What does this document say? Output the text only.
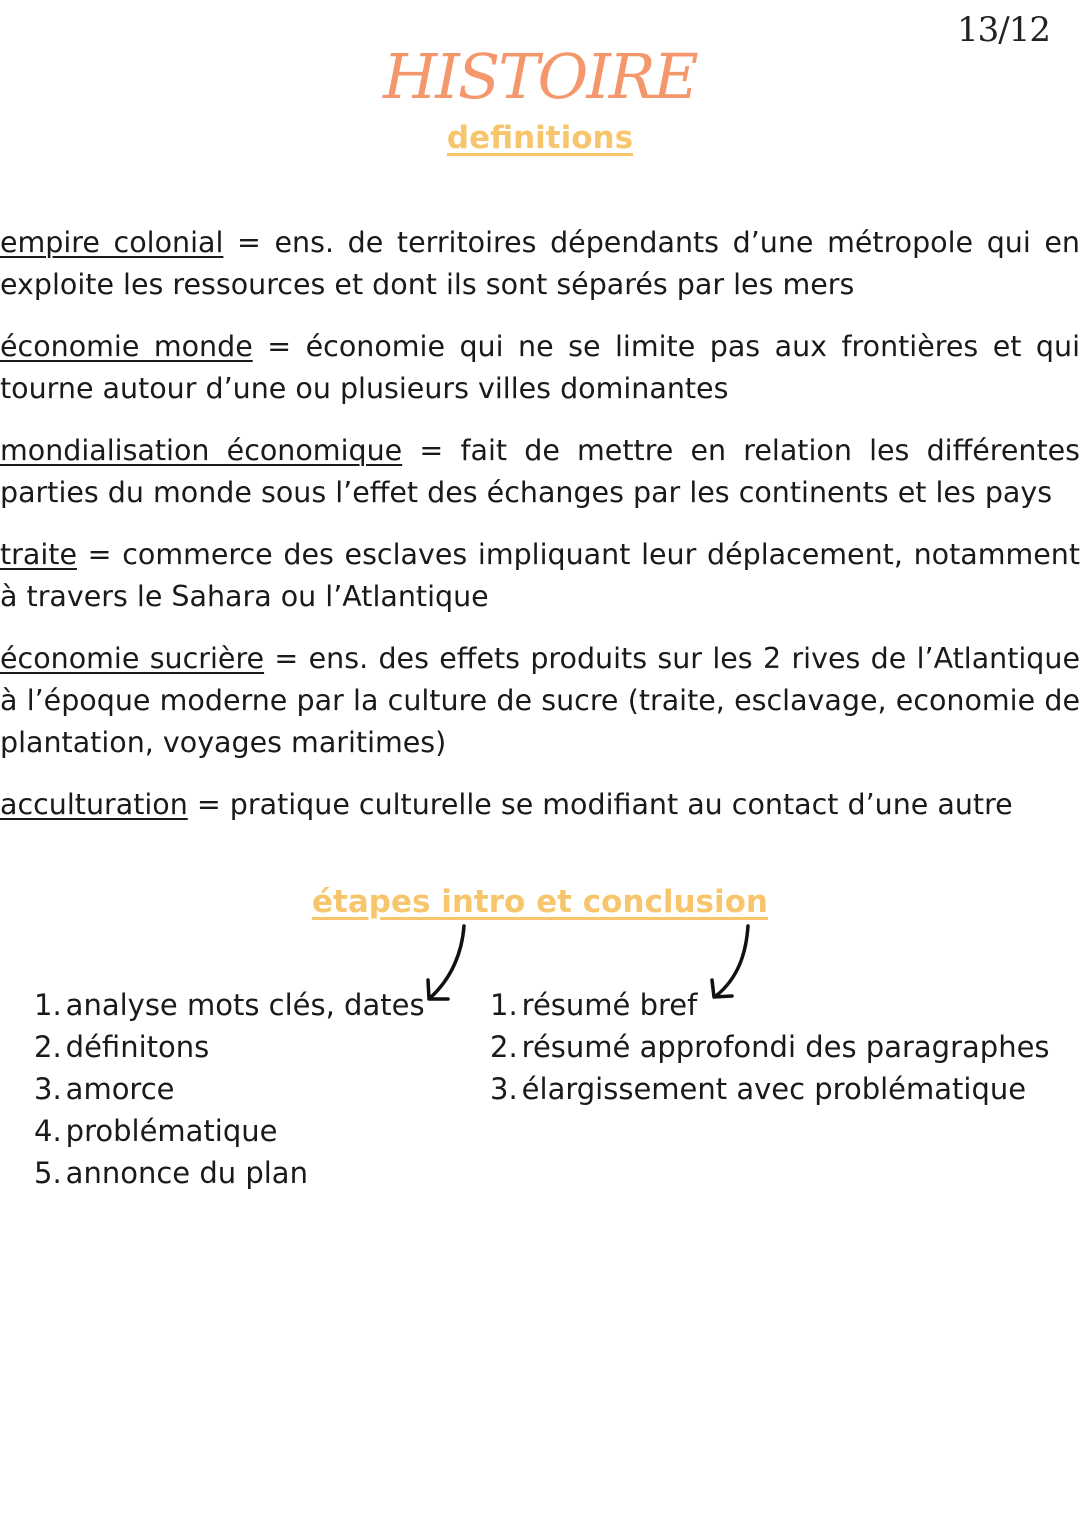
13/12
HISTOIRE
definitions

empire colonial = ens. de territoires dépendants d’une métropole qui en exploite les ressources et dont ils sont séparés par les mers

économie monde = économie qui ne se limite pas aux frontières et qui tourne autour d’une ou plusieurs villes dominantes

mondialisation économique = fait de mettre en relation les différentes parties du monde sous l’effet des échanges par les continents et les pays

traite = commerce des esclaves impliquant leur déplacement, notamment à travers le Sahara ou l’Atlantique

économie sucrière = ens. des effets produits sur les 2 rives de l’Atlantique à l’époque moderne par la culture de sucre (traite, esclavage, economie de plantation, voyages maritimes)

acculturation = pratique culturelle se modifiant au contact d’une autre

étapes intro et conclusion
1. analyse mots clés, dates
2. définitons
3. amorce
4. problématique
5. annonce du plan
1. résumé bref
2. résumé approfondi des paragraphes
3. élargissement avec problématique
